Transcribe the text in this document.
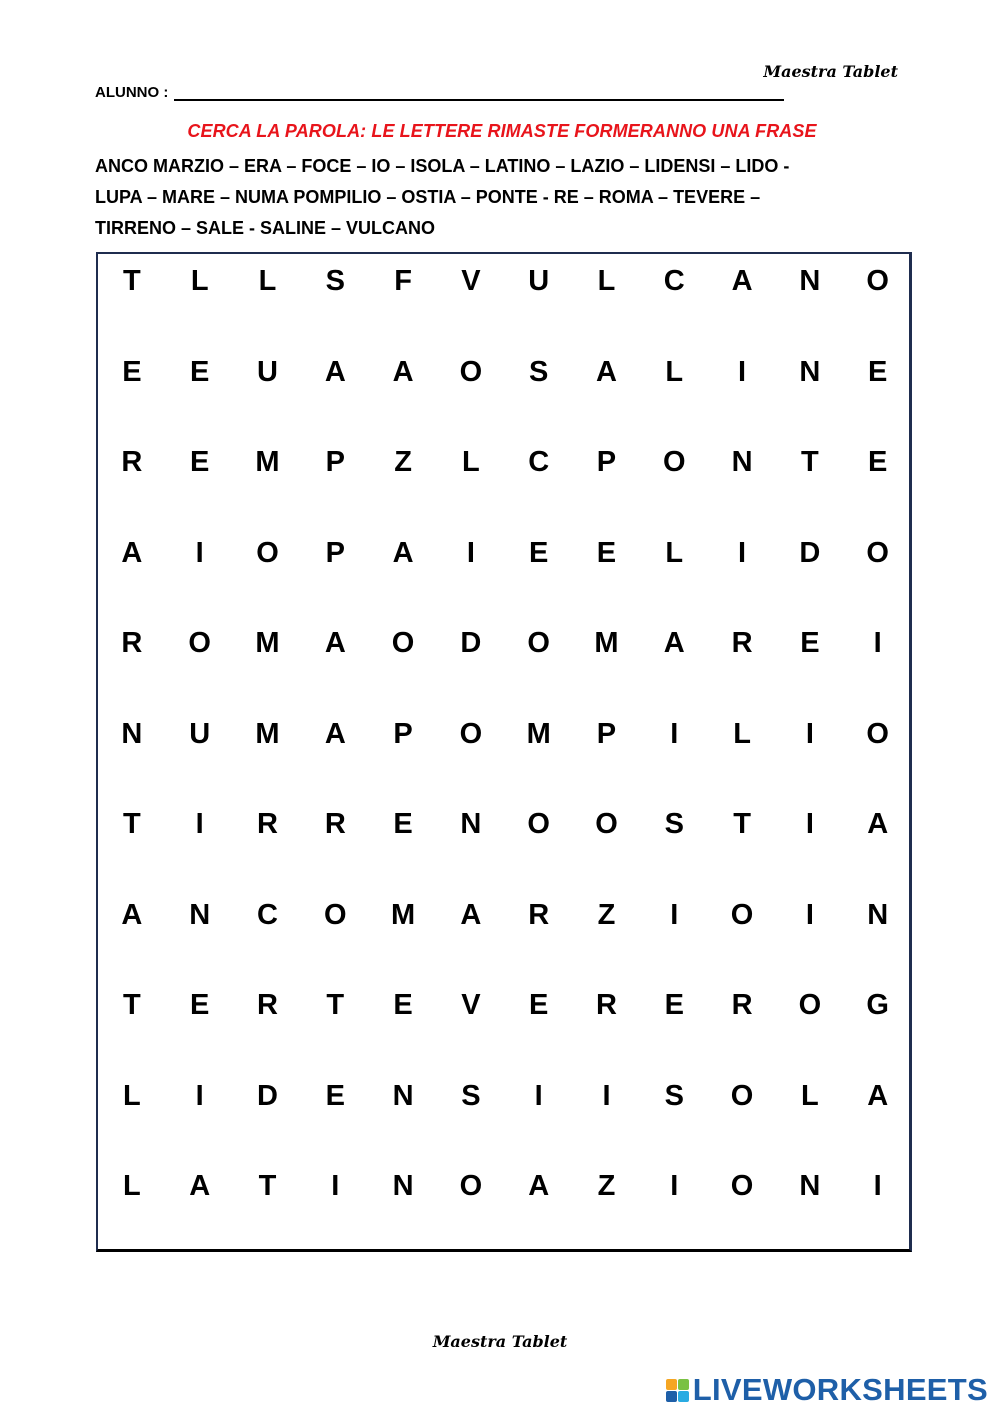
Maestra Tablet
ALUNNO :
CERCA LA PAROLA: LE LETTERE RIMASTE FORMERANNO UNA FRASE
ANCO MARZIO – ERA – FOCE – IO – ISOLA – LATINO – LAZIO – LIDENSI – LIDO -
LUPA – MARE – NUMA POMPILIO – OSTIA – PONTE - RE – ROMA – TEVERE –
TIRRENO – SALE - SALINE – VULCANO
T	L	L	S	F	V	U	L	C	A	N	O
E	E	U	A	A	O	S	A	L	I	N	E
R	E	M	P	Z	L	C	P	O	N	T	E
A	I	O	P	A	I	E	E	L	I	D	O
R	O	M	A	O	D	O	M	A	R	E	I
N	U	M	A	P	O	M	P	I	L	I	O
T	I	R	R	E	N	O	O	S	T	I	A
A	N	C	O	M	A	R	Z	I	O	I	N
T	E	R	T	E	V	E	R	E	R	O	G
L	I	D	E	N	S	I	I	S	O	L	A
L	A	T	I	N	O	A	Z	I	O	N	I
Maestra Tablet
LIVEWORKSHEETS
